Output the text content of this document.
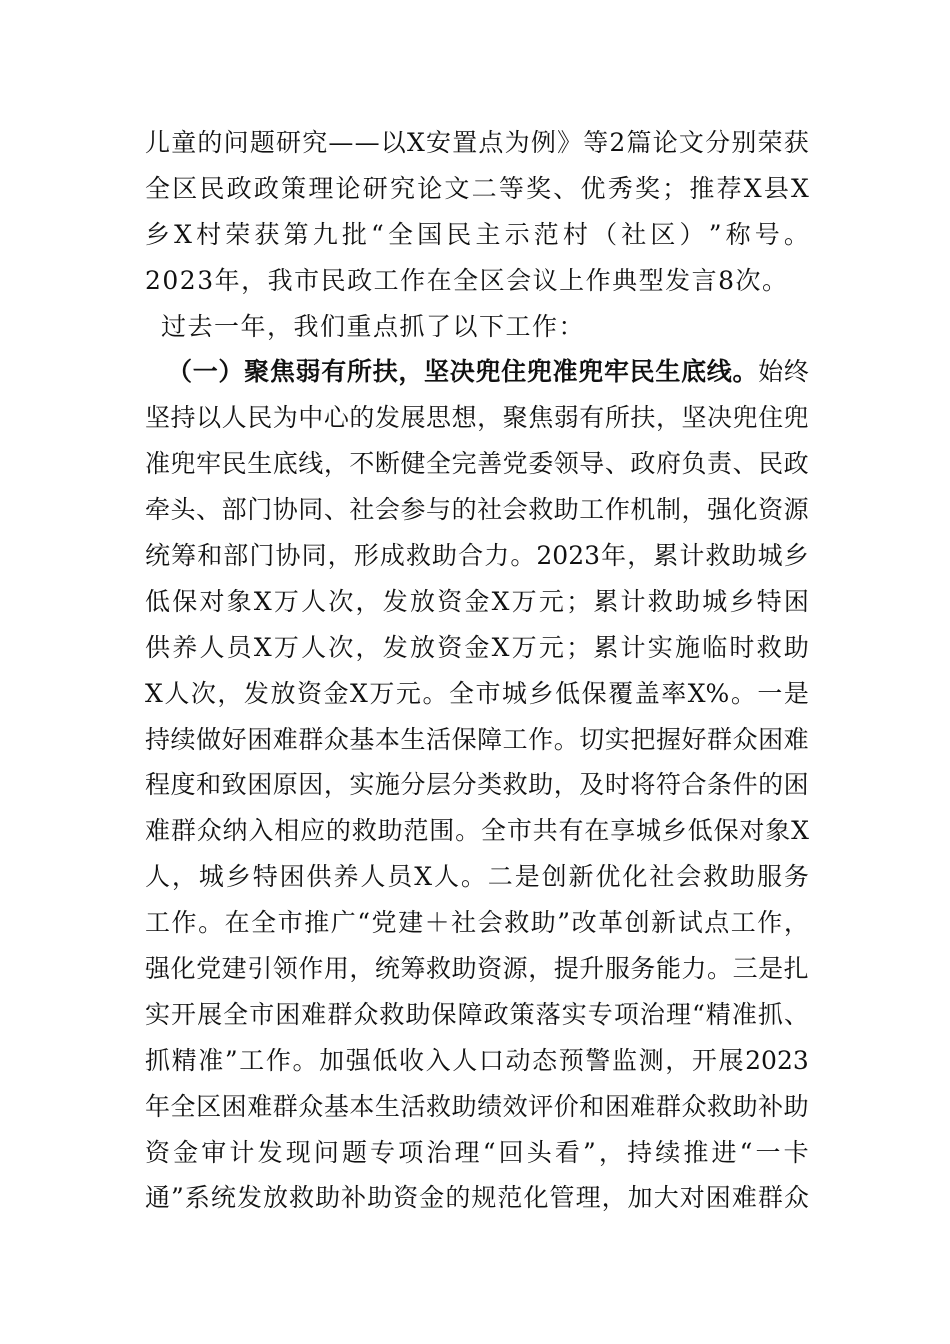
儿 童 的 问 题 研 究 — — 以 X 安 置 点 为 例 》 等 2 篇 论 文 分 别 荣 获
全 区 民 政 政 策 理 论 研 究 论 文 二 等 奖 、 优 秀 奖 ； 推 荐 X 县 X
乡 X 村 荣 获 第 九 批 “ 全 国 民 主 示 范 村 （ 社 区 ） ” 称 号 。
2023年，我市民政工作在全区会议上作典型发言8次。
过去一年，我们重点抓了以下工作：
（ 一 ） 聚 焦 弱 有 所 扶 ， 坚 决 兜 住 兜 准 兜 牢 民 生 底 线 。 始 终
坚 持 以 人 民 为 中 心 的 发 展 思 想 ， 聚 焦 弱 有 所 扶 ， 坚 决 兜 住 兜
准 兜 牢 民 生 底 线 ， 不 断 健 全 完 善 党 委 领 导 、 政 府 负 责 、 民 政
牵 头 、 部 门 协 同 、 社 会 参 与 的 社 会 救 助 工 作 机 制 ， 强 化 资 源
统 筹 和 部 门 协 同 ， 形 成 救 助 合 力 。 2023 年 ， 累 计 救 助 城 乡
低 保 对 象 X 万 人 次 ， 发 放 资 金 X 万 元 ； 累 计 救 助 城 乡 特 困
供 养 人 员 X 万 人 次 ， 发 放 资 金 X 万 元 ； 累 计 实 施 临 时 救 助
X 人 次 ， 发 放 资 金 X 万 元 。 全 市 城 乡 低 保 覆 盖 率 X% 。 一 是
持 续 做 好 困 难 群 众 基 本 生 活 保 障 工 作 。 切 实 把 握 好 群 众 困 难
程 度 和 致 困 原 因 ， 实 施 分 层 分 类 救 助 ， 及 时 将 符 合 条 件 的 困
难 群 众 纳 入 相 应 的 救 助 范 围 。 全 市 共 有 在 享 城 乡 低 保 对 象 X
人 ， 城 乡 特 困 供 养 人 员 X 人 。 二 是 创 新 优 化 社 会 救 助 服 务
工 作 。 在 全 市 推 广 “ 党 建 ＋ 社 会 救 助 ” 改 革 创 新 试 点 工 作 ，
强 化 党 建 引 领 作 用 ， 统 筹 救 助 资 源 ， 提 升 服 务 能 力 。 三 是 扎
实 开 展 全 市 困 难 群 众 救 助 保 障 政 策 落 实 专 项 治 理 “ 精 准 抓 、
抓 精 准 ” 工 作 。 加 强 低 收 入 人 口 动 态 预 警 监 测 ， 开 展 2023
年 全 区 困 难 群 众 基 本 生 活 救 助 绩 效 评 价 和 困 难 群 众 救 助 补 助
资 金 审 计 发 现 问 题 专 项 治 理 “ 回 头 看 ” ， 持 续 推 进 “ 一 卡
通 ” 系 统 发 放 救 助 补 助 资 金 的 规 范 化 管 理 ， 加 大 对 困 难 群 众
